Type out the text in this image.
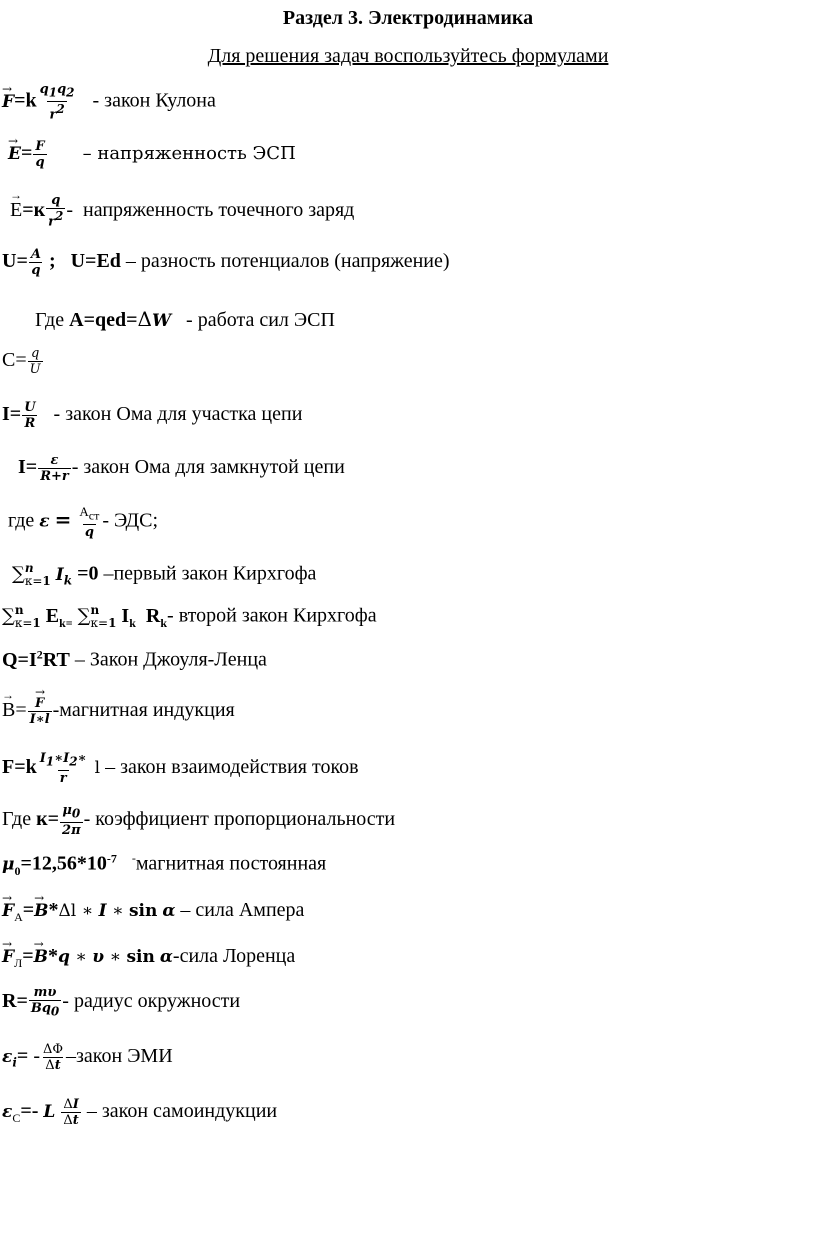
Раздел 3. Электродинамика
Для решения задач воспользуйтесь формулами
→ $F=k \frac{q_1q_2}{r^2}$ - закон Кулона
→ $E= \frac{F}{q}$ – напряженность ЭСП
→ $E=к \frac{q}{r^2}$ -  напряженность точечного заряд
$U= \frac{A}{q}$ ;   U=Ed – разность потенциалов (напряжение)
Где A=qed=ΔW - работа сил ЭСП
$C= \frac{q}{U}$
$I= \frac{U}{R}$ - закон Ома для участка цепи
$I= \frac{\varepsilon}{R+r}$ - закон Ома для замкнутой цепи
где $\varepsilon = \frac{А_{ст}}{q}$ - ЭДС;
∑ n
к=1 $I_k =0$ –первый закон Кирхгофа
∑ n
к=1 $E_{k=}$ ∑ n
к=1 $I_k$  $R_k-$ второй закон Кирхгофа
$Q=I^2RT$ – Закон Джоуля-Ленца
→ B=
→ $\frac{F}{I∗l}$ -магнитная индукция
$F=k \frac{I_1∗I_2∗}{r}$ l – закон взаимодействия токов
Где $к= \frac{\mu_0}{2\pi}$ - коэффициент пропорциональности
$\mu_0=12,56*10^{-7}$ -магнитная постоянная
→ $F_А=\to B*\Delta l$ ∗ I ∗ sin α – сила Ампера
→ $F_Л=\to B*q$ ∗ υ ∗ sin α-сила Лоренца
$R= \frac{m\upsilon}{Bq_0}$ - радиус окружности
$\varepsilon_i= - \frac{\Delta\Phi}{\Delta t}$ –закон ЭМИ
$\varepsilon_С=-$ L $\frac{\Delta I}{\Delta t}$ – закон самоиндукции
